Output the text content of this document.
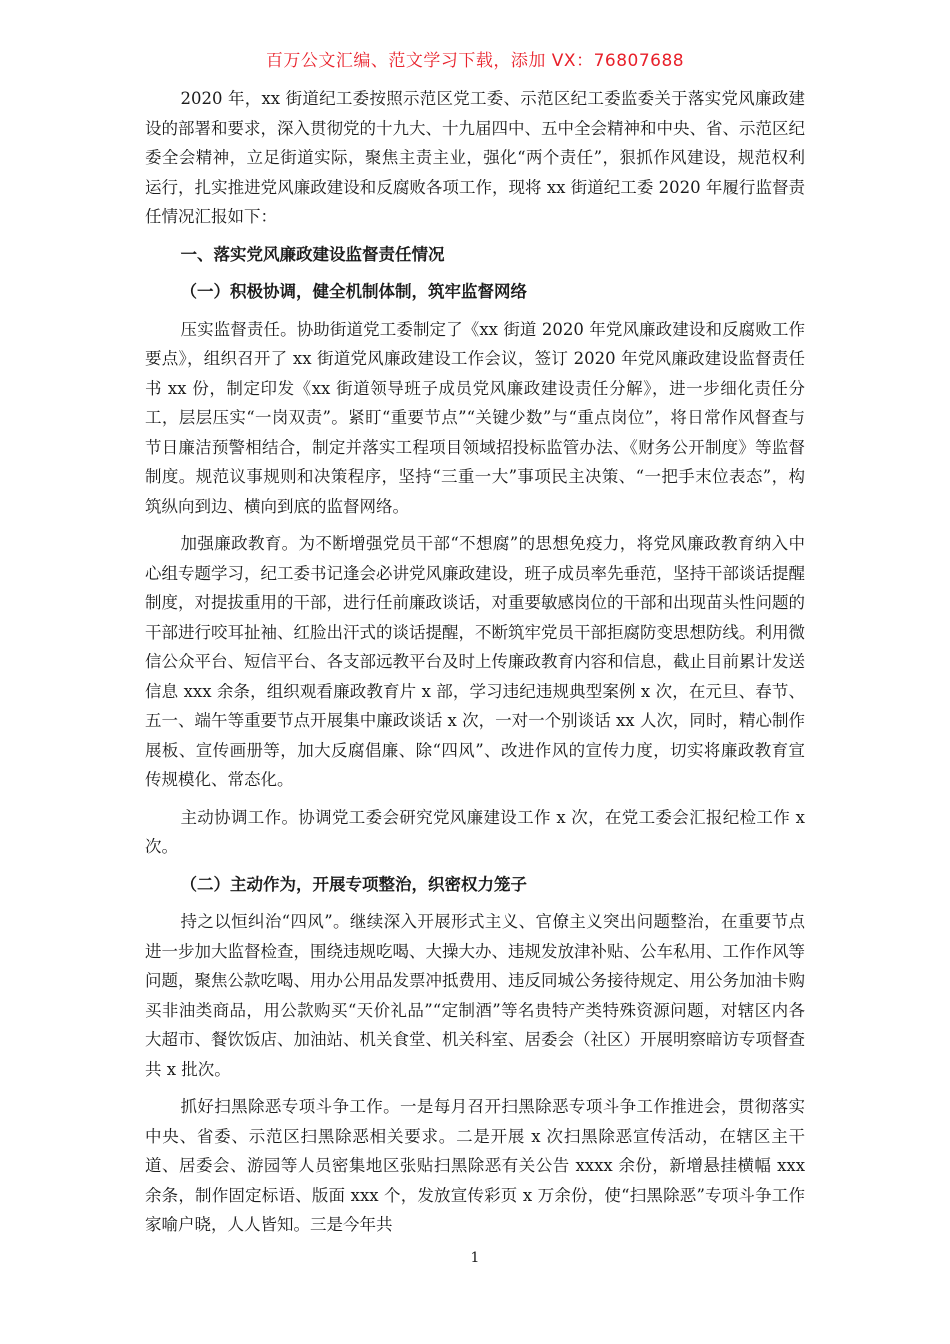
百万公文汇编、范文学习下载，添加 VX：76807688

2020 年，xx 街道纪工委按照示范区党工委、示范区纪工委监委关于落实党风廉政建设的部署和要求，深入贯彻党的十九大、十九届四中、五中全会精神和中央、省、示范区纪委全会精神，立足街道实际，聚焦主责主业，强化“两个责任”，狠抓作风建设，规范权利运行，扎实推进党风廉政建设和反腐败各项工作，现将 xx 街道纪工委 2020 年履行监督责任情况汇报如下：

一、落实党风廉政建设监督责任情况

（一）积极协调，健全机制体制，筑牢监督网络

压实监督责任。协助街道党工委制定了《xx 街道 2020 年党风廉政建设和反腐败工作要点》，组织召开了 xx 街道党风廉政建设工作会议，签订 2020 年党风廉政建设监督责任书 xx 份，制定印发《xx 街道领导班子成员党风廉政建设责任分解》，进一步细化责任分工，层层压实“一岗双责”。紧盯“重要节点”“关键少数”与“重点岗位”，将日常作风督查与节日廉洁预警相结合，制定并落实工程项目领域招投标监管办法、《财务公开制度》等监督制度。规范议事规则和决策程序，坚持“三重一大”事项民主决策、“一把手末位表态”，构筑纵向到边、横向到底的监督网络。

加强廉政教育。为不断增强党员干部“不想腐”的思想免疫力，将党风廉政教育纳入中心组专题学习，纪工委书记逢会必讲党风廉政建设，班子成员率先垂范，坚持干部谈话提醒制度，对提拔重用的干部，进行任前廉政谈话，对重要敏感岗位的干部和出现苗头性问题的干部进行咬耳扯袖、红脸出汗式的谈话提醒，不断筑牢党员干部拒腐防变思想防线。利用微信公众平台、短信平台、各支部远教平台及时上传廉政教育内容和信息，截止目前累计发送信息 xxx 余条，组织观看廉政教育片 x 部，学习违纪违规典型案例 x 次，在元旦、春节、五一、端午等重要节点开展集中廉政谈话 x 次，一对一个别谈话 xx 人次，同时，精心制作展板、宣传画册等，加大反腐倡廉、除“四风”、改进作风的宣传力度，切实将廉政教育宣传规模化、常态化。

主动协调工作。协调党工委会研究党风廉建设工作 x 次，在党工委会汇报纪检工作 x 次。

（二）主动作为，开展专项整治，织密权力笼子

持之以恒纠治“四风”。继续深入开展形式主义、官僚主义突出问题整治，在重要节点进一步加大监督检查，围绕违规吃喝、大操大办、违规发放津补贴、公车私用、工作作风等问题，聚焦公款吃喝、用办公用品发票冲抵费用、违反同城公务接待规定、用公务加油卡购买非油类商品，用公款购买“天价礼品”“定制酒”等名贵特产类特殊资源问题，对辖区内各大超市、餐饮饭店、加油站、机关食堂、机关科室、居委会（社区）开展明察暗访专项督查共 x 批次。

抓好扫黑除恶专项斗争工作。一是每月召开扫黑除恶专项斗争工作推进会，贯彻落实中央、省委、示范区扫黑除恶相关要求。二是开展 x 次扫黑除恶宣传活动，在辖区主干道、居委会、游园等人员密集地区张贴扫黑除恶有关公告 xxxx 余份，新增悬挂横幅 xxx 余条，制作固定标语、版面 xxx 个，发放宣传彩页 x 万余份，使“扫黑除恶”专项斗争工作家喻户晓，人人皆知。三是今年共

1
